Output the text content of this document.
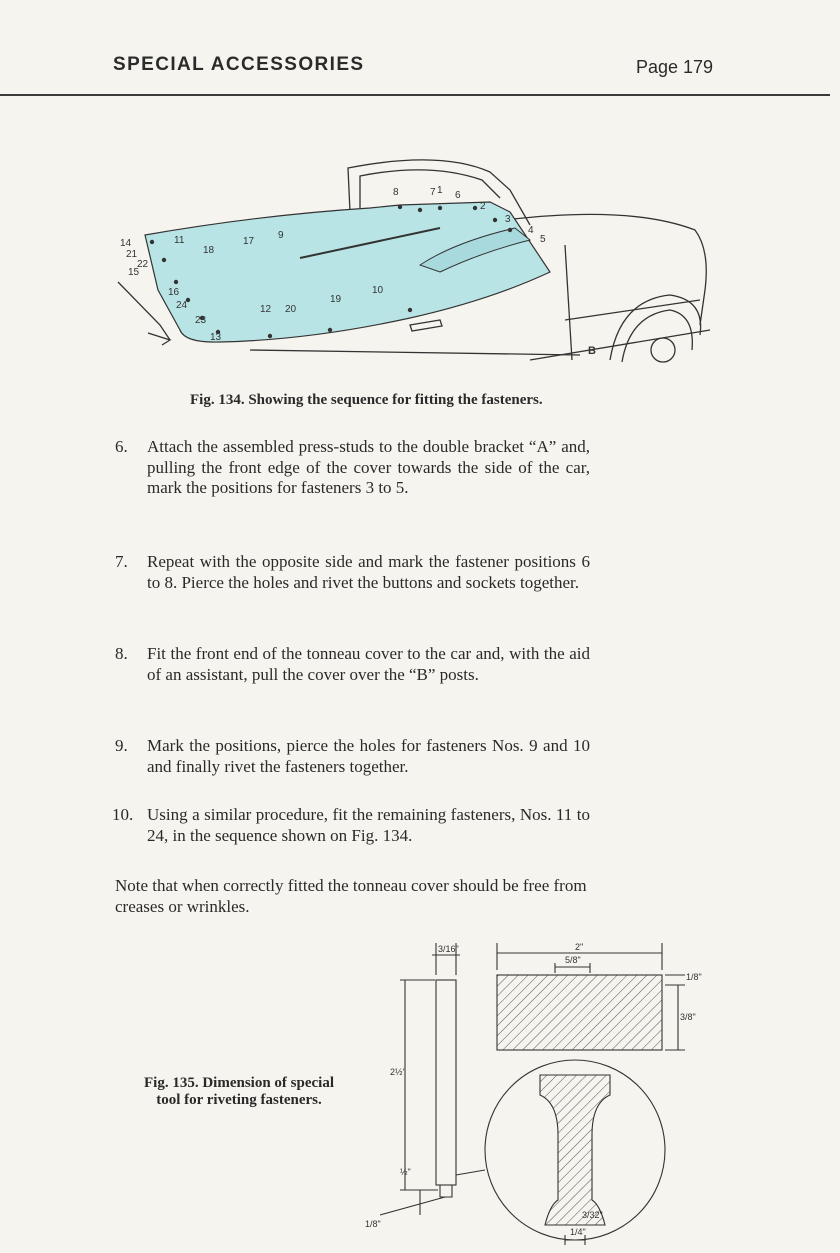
SPECIAL ACCESSORIES	Page 179
1
2
3
4
5
6
7
8
9
10
11
12
13
14
15
16
17
18
19
20
21
22
23
24
B
Fig. 134. Showing the sequence for fitting the fasteners.
6. Attach the assembled press-studs to the double bracket “A” and, pulling the front edge of the cover towards the side of the car, mark the positions for fasteners 3 to 5.
7. Repeat with the opposite side and mark the fastener positions 6 to 8. Pierce the holes and rivet the buttons and sockets together.
8. Fit the front end of the tonneau cover to the car and, with the aid of an assistant, pull the cover over the “B” posts.
9. Mark the positions, pierce the holes for fasteners Nos. 9 and 10 and finally rivet the fasteners together.
10. Using a similar procedure, fit the remaining fasteners, Nos. 11 to 24, in the sequence shown on Fig. 134.
Note that when correctly fitted the tonneau cover should be free from creases or wrinkles.
Fig. 135. Dimension of special
tool for riveting fasteners.
3/16"
2½"
½"
1/8"
2"
5/8"
1/8"
3/8"
3/32"
1/4"
